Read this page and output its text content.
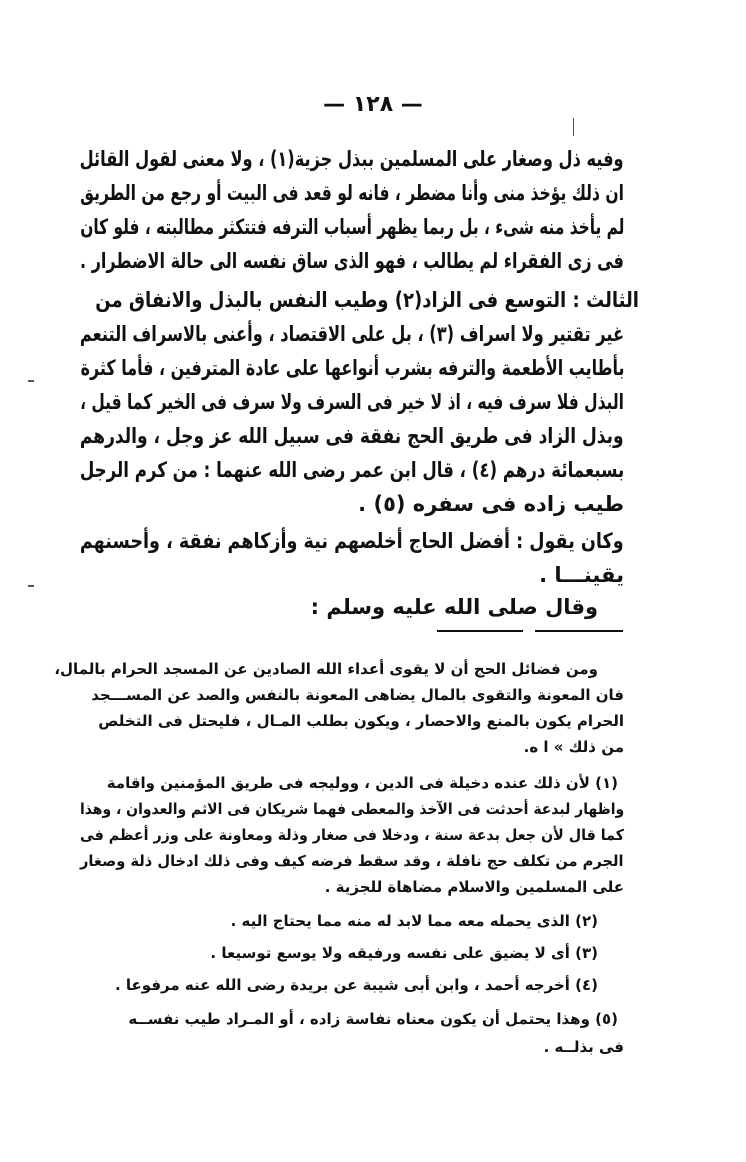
— ١٢٨ —
وفيه ذل وصغار على المسلمين ببذل جزية(١) ، ولا معنى لقول القائل
ان ذلك يؤخذ منى وأنا مضطر ، فانه لو قعد فى البيت أو رجع من الطريق
لم يأخذ منه شىء ، بل ربما يظهر أسباب الترفه فتتكثر مطالبته ، فلو كان
فى زى الفقراء لم يطالب ، فهو الذى ساق نفسه الى حالة الاضطرار .
الثالث : التوسع فى الزاد(٢) وطيب النفس بالبذل والانفاق من
غير تقتير ولا اسراف (٣) ، بل على الاقتصاد ، وأعنى بالاسراف التنعم
بأطايب الأطعمة والترفه بشرب أنواعها على عادة المترفين ، فأما كثرة
البذل فلا سرف فيه ، اذ لا خير فى السرف ولا سرف فى الخير كما قيل ،
وبذل الزاد فى طريق الحج نفقة فى سبيل الله عز وجل ، والدرهم
بسبعمائة درهم (٤) ، قال ابن عمر رضى الله عنهما : من كرم الرجل
طيب زاده فى سفره (٥) .
وكان يقول : أفضل الحاج أخلصهم نية وأزكاهم نفقة ، وأحسنهم
يقينـــا .
وقال صلى الله عليه وسلم :
ومن فضائل الحج أن لا يقوى أعداء الله الصادين عن المسجد الحرام بالمال،
فان المعونة والتقوى بالمال يضاهى المعونة بالنفس والصد عن المســـجد
الحرام يكون بالمنع والاحصار ، ويكون بطلب المـال ، فليحتل فى التخلص
من ذلك » ا ه.
(١) لأن ذلك عنده دخيلة فى الدين ، ووليجه فى طريق المؤمنين واقامة
واظهار لبدعة أحدثت فى الآخذ والمعطى فهما شريكان فى الاثم والعدوان ، وهذا
كما قال لأن جعل بدعة سنة ، ودخلا فى صغار وذلة ومعاونة على وزر أعظم فى
الجرم من تكلف حج نافلة ، وقد سقط فرضه كيف وفى ذلك ادخال ذلة وصغار
على المسلمين والاسلام مضاهاة للجزية .
(٢) الذى يحمله معه مما لابد له منه مما يحتاج اليه .
(٣) أى لا يضيق على نفسه ورفيقه ولا يوسع توسيعا .
(٤) أخرجه أحمد ، وابن أبى شيبة عن بريدة رضى الله عنه مرفوعا .
(٥) وهذا يحتمل أن يكون معناه نفاسة زاده ، أو المـراد طيب نفســه
فى بذلــه .
